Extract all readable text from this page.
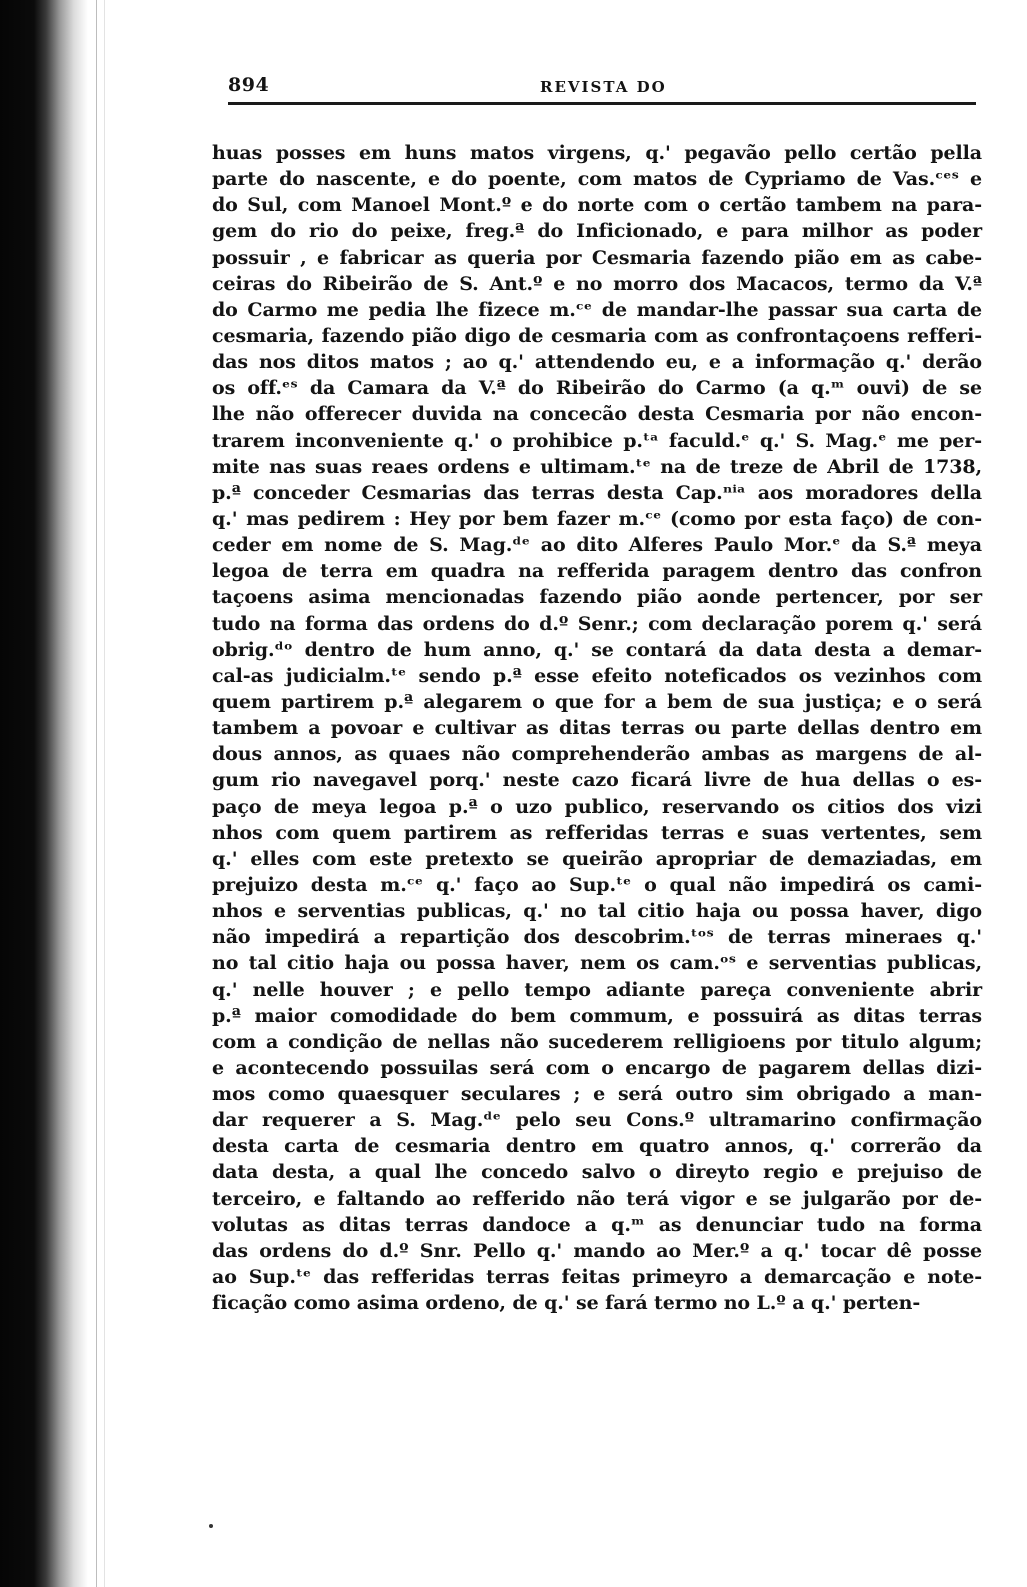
894	REVISTA DO
huas posses em huns matos virgens, q.' pegavão pello certão pella
parte do nascente, e do poente, com matos de Cypriamo de Vas.ᶜᵉˢ e
do Sul, com Manoel Mont.º e do norte com o certão tambem na para-
gem do rio do peixe, freg.ª do Inficionado, e para milhor as poder
possuir , e fabricar as queria por Cesmaria fazendo pião em as cabe-
ceiras do Ribeirão de S. Ant.º e no morro dos Macacos, termo da V.ª
do Carmo me pedia lhe fizece m.ᶜᵉ de mandar-lhe passar sua carta de
cesmaria, fazendo pião digo de cesmaria com as confrontaçoens refferi-
das nos ditos matos ; ao q.' attendendo eu, e a informação q.' derão
os off.ᵉˢ da Camara da V.ª do Ribeirão do Carmo (a q.ᵐ ouvi) de se
lhe não offerecer duvida na concecão desta Cesmaria por não encon-
trarem inconveniente q.' o prohibice p.ᵗᵃ faculd.ᵉ q.' S. Mag.ᵉ me per-
mite nas suas reaes ordens e ultimam.ᵗᵉ na de treze de Abril de 1738,
p.ª conceder Cesmarias das terras desta Cap.ⁿⁱᵃ aos moradores della
q.' mas pedirem : Hey por bem fazer m.ᶜᵉ (como por esta faço) de con-
ceder em nome de S. Mag.ᵈᵉ ao dito Alferes Paulo Mor.ᵉ da S.ª meya
legoa de terra em quadra na refferida paragem dentro das confron
taçoens asima mencionadas fazendo pião aonde pertencer, por ser
tudo na forma das ordens do d.º Senr.; com declaração porem q.' será
obrig.ᵈᵒ dentro de hum anno, q.' se contará da data desta a demar-
cal-as judicialm.ᵗᵉ sendo p.ª esse efeito noteficados os vezinhos com
quem partirem p.ª alegarem o que for a bem de sua justiça; e o será
tambem a povoar e cultivar as ditas terras ou parte dellas dentro em
dous annos, as quaes não comprehenderão ambas as margens de al-
gum rio navegavel porq.' neste cazo ficará livre de hua dellas o es-
paço de meya legoa p.ª o uzo publico, reservando os citios dos vizi
nhos com quem partirem as refferidas terras e suas vertentes, sem
q.' elles com este pretexto se queirão apropriar de demaziadas, em
prejuizo desta m.ᶜᵉ q.' faço ao Sup.ᵗᵉ o qual não impedirá os cami-
nhos e serventias publicas, q.' no tal citio haja ou possa haver, digo
não impedirá a repartição dos descobrim.ᵗᵒˢ de terras mineraes q.'
no tal citio haja ou possa haver, nem os cam.ᵒˢ e serventias publicas,
q.' nelle houver ; e pello tempo adiante pareça conveniente abrir
p.ª maior comodidade do bem commum, e possuirá as ditas terras
com a condição de nellas não sucederem relligioens por titulo algum;
e acontecendo possuilas será com o encargo de pagarem dellas dizi-
mos como quaesquer seculares ; e será outro sim obrigado a man-
dar requerer a S. Mag.ᵈᵉ pelo seu Cons.º ultramarino confirmação
desta carta de cesmaria dentro em quatro annos, q.' correrão da
data desta, a qual lhe concedo salvo o direyto regio e prejuiso de
terceiro, e faltando ao refferido não terá vigor e se julgarão por de-
volutas as ditas terras dandoce a q.ᵐ as denunciar tudo na forma
das ordens do d.º Snr. Pello q.' mando ao Mer.º a q.' tocar dê posse
ao Sup.ᵗᵉ das refferidas terras feitas primeyro a demarcação e note-
ficação como asima ordeno, de q.' se fará termo no L.º a q.' perten-
